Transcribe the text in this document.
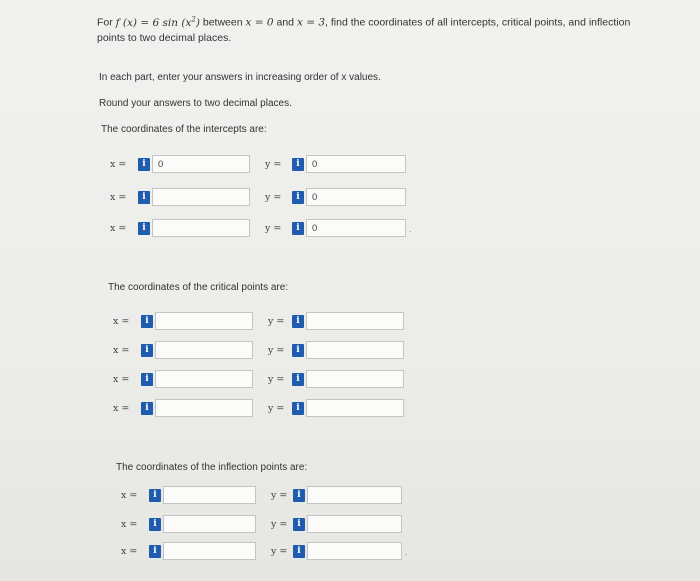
For f (x) = 6 $\sin (x^2)$ between x = 0 and x = 3, find the coordinates of all intercepts, critical points, and inflection points to two decimal places.
In each part, enter your answers in increasing order of x values.
Round your answers to two decimal places.
The coordinates of the intercepts are:
x =	i	0	y =	i	0
x =	i	y =	i	0
x =	i	y =	i	0	.
The coordinates of the critical points are:
x =	i	y =	i
x =	i	y =	i
x =	i	y =	i
x =	i	y =	i
The coordinates of the inflection points are:
x =	i	y =	i
x =	i	y =	i
x =	i	y =	i	.
